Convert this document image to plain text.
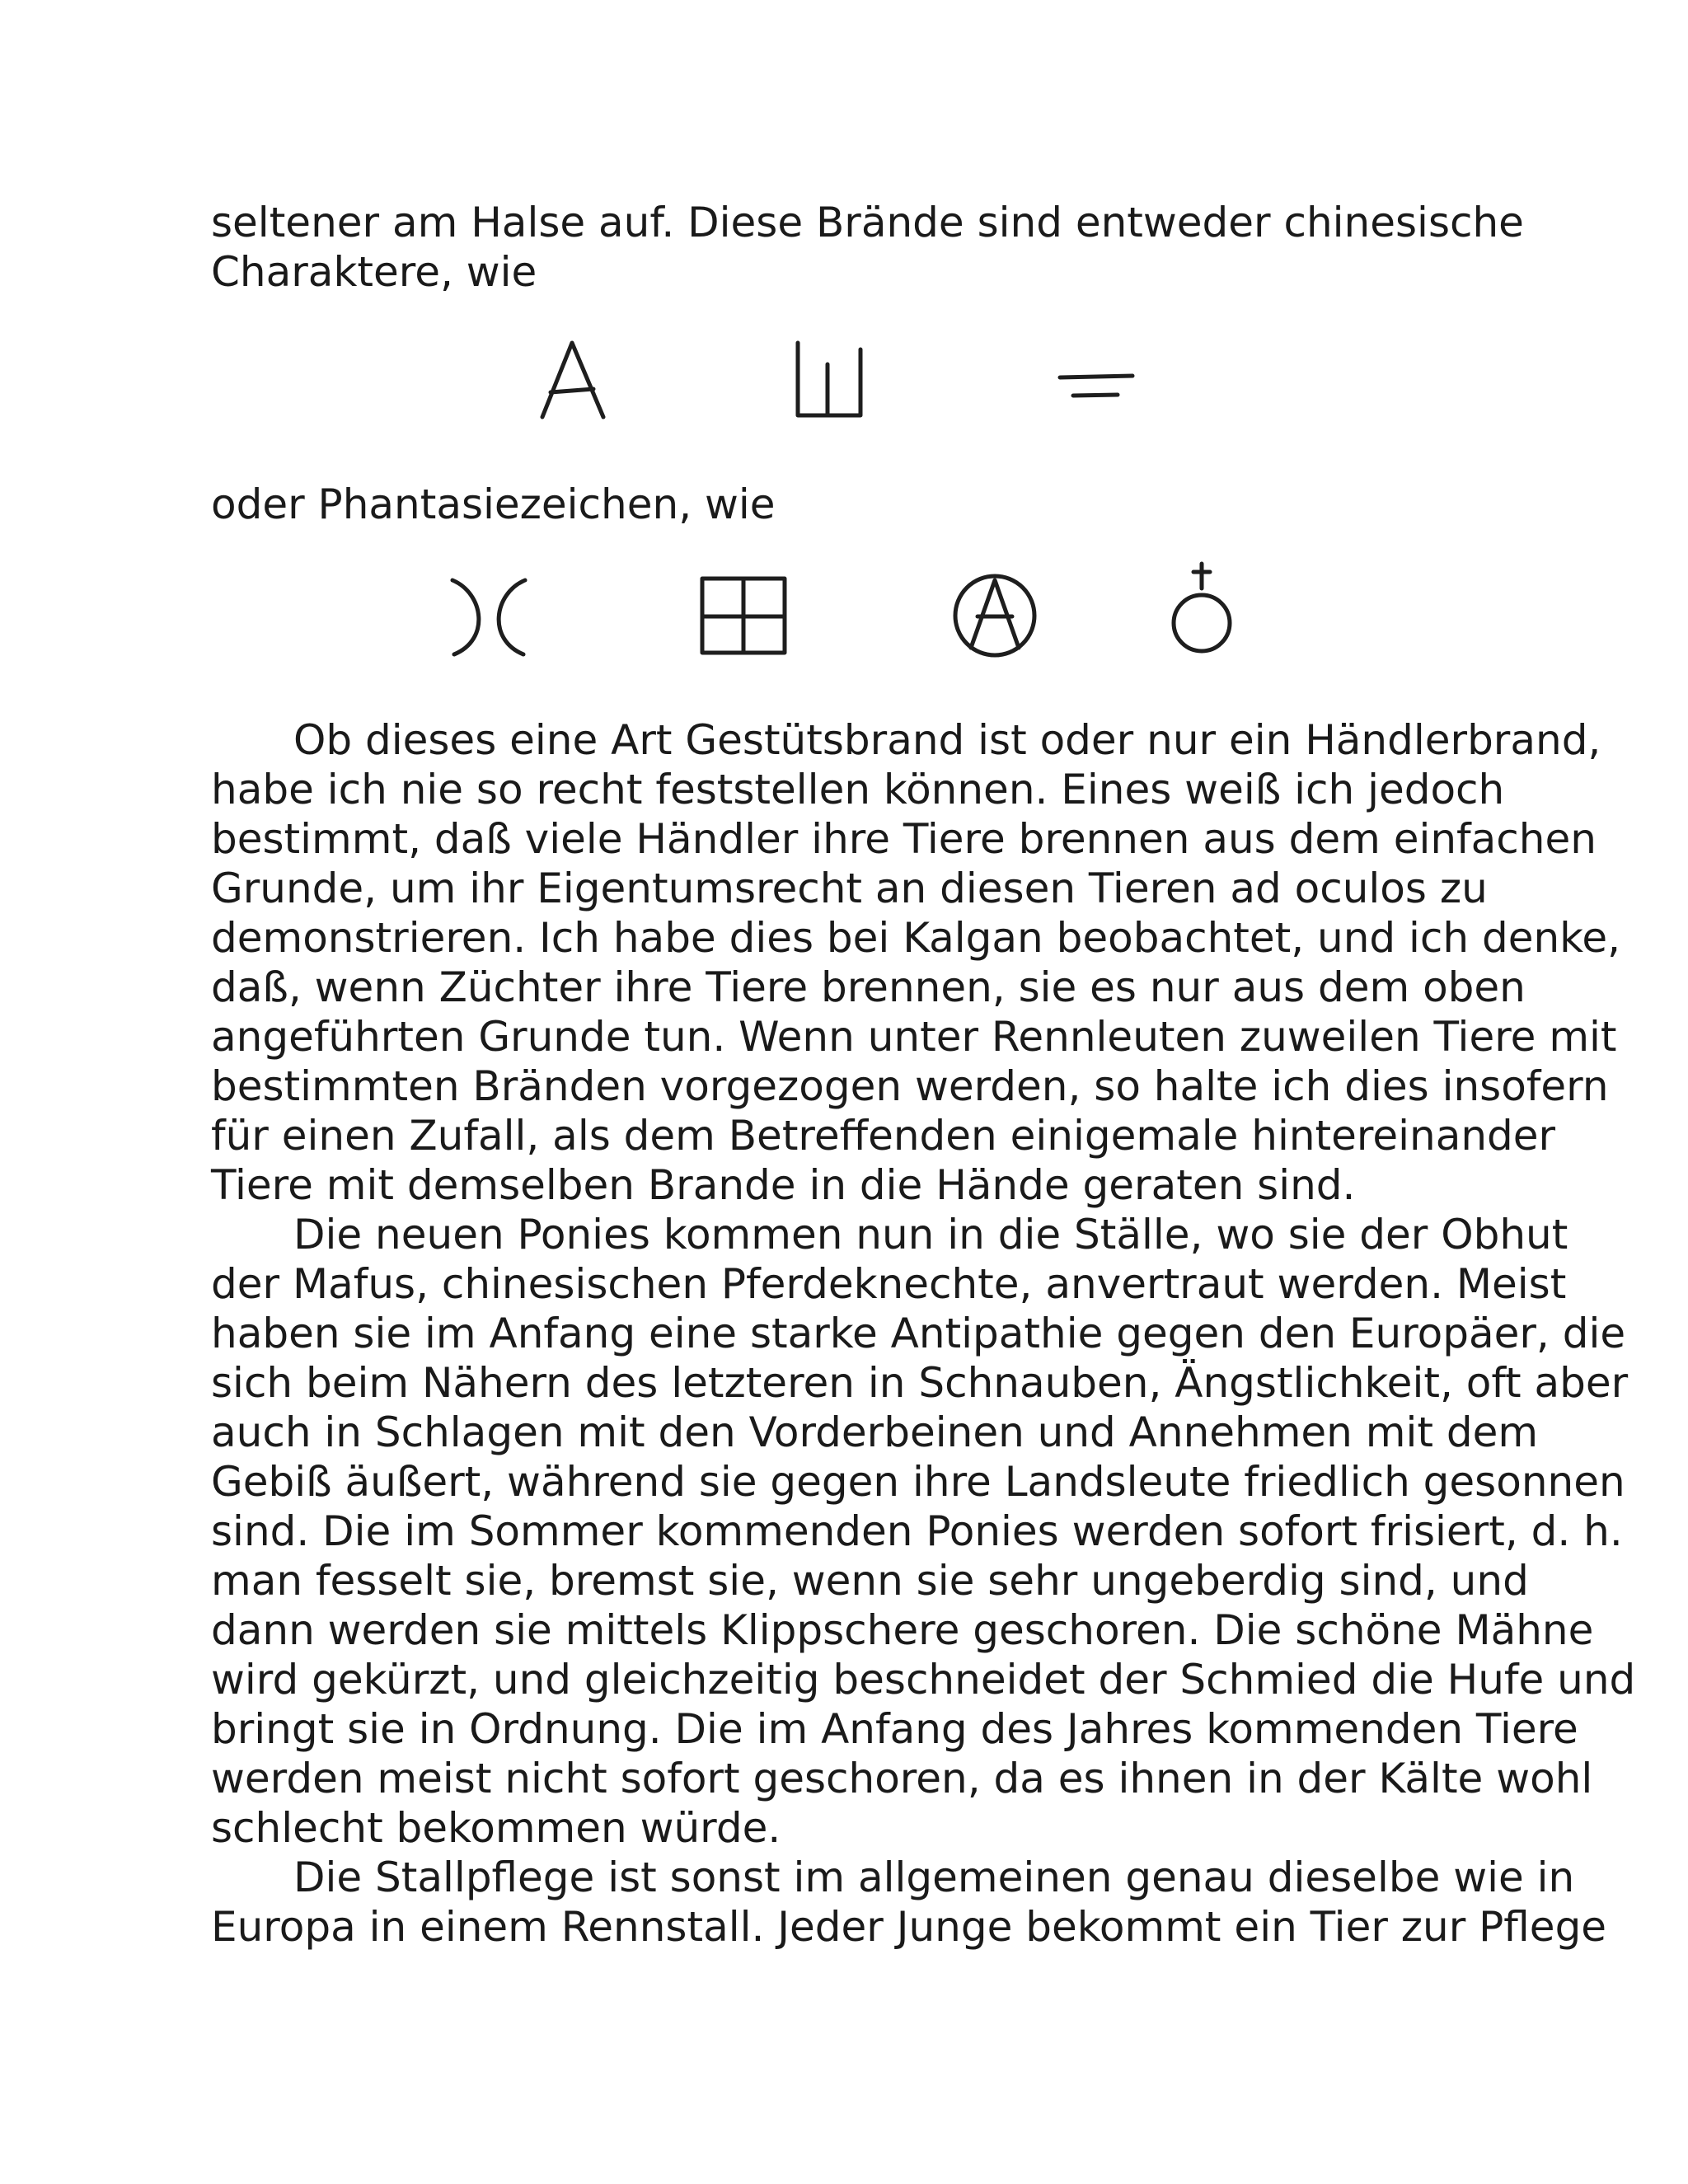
seltener am Halse auf. Diese Brände sind entweder chinesische
Charaktere, wie
oder Phantasiezeichen, wie
Ob dieses eine Art Gestütsbrand ist oder nur ein Händlerbrand,
habe ich nie so recht feststellen können. Eines weiß ich jedoch
bestimmt, daß viele Händler ihre Tiere brennen aus dem einfachen
Grunde, um ihr Eigentumsrecht an diesen Tieren ad oculos zu
demonstrieren. Ich habe dies bei Kalgan beobachtet, und ich denke,
daß, wenn Züchter ihre Tiere brennen, sie es nur aus dem oben
angeführten Grunde tun. Wenn unter Rennleuten zuweilen Tiere mit
bestimmten Bränden vorgezogen werden, so halte ich dies insofern
für einen Zufall, als dem Betreffenden einigemale hintereinander
Tiere mit demselben Brande in die Hände geraten sind.
Die neuen Ponies kommen nun in die Ställe, wo sie der Obhut
der Mafus, chinesischen Pferdeknechte, anvertraut werden. Meist
haben sie im Anfang eine starke Antipathie gegen den Europäer, die
sich beim Nähern des letzteren in Schnauben, Ängstlichkeit, oft aber
auch in Schlagen mit den Vorderbeinen und Annehmen mit dem
Gebiß äußert, während sie gegen ihre Landsleute friedlich gesonnen
sind. Die im Sommer kommenden Ponies werden sofort frisiert, d. h.
man fesselt sie, bremst sie, wenn sie sehr ungeberdig sind, und
dann werden sie mittels Klippschere geschoren. Die schöne Mähne
wird gekürzt, und gleichzeitig beschneidet der Schmied die Hufe und
bringt sie in Ordnung. Die im Anfang des Jahres kommenden Tiere
werden meist nicht sofort geschoren, da es ihnen in der Kälte wohl
schlecht bekommen würde.
Die Stallpflege ist sonst im allgemeinen genau dieselbe wie in
Europa in einem Rennstall. Jeder Junge bekommt ein Tier zur Pflege
